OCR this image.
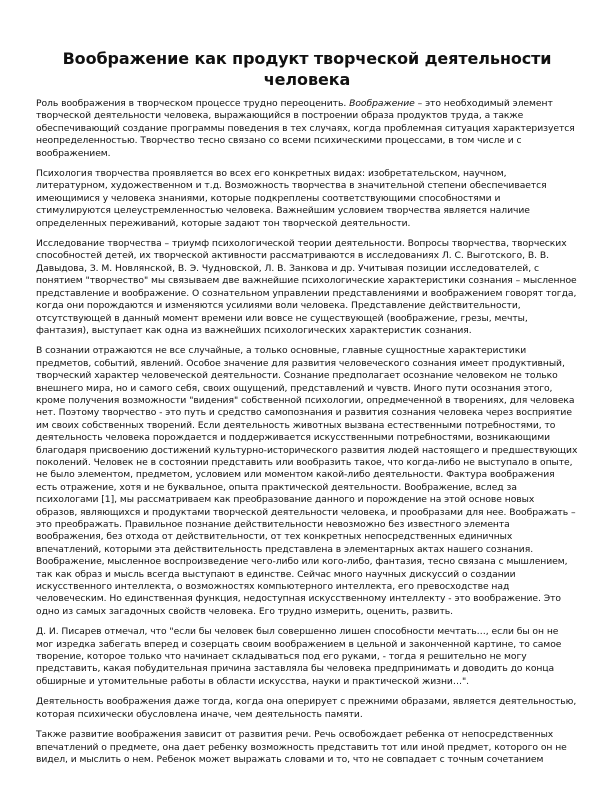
Воображение как продукт творческой деятельности человека

Роль воображения в творческом процессе трудно переоценить. Воображение – это необходимый элемент творческой деятельности человека, выражающийся в построении образа продуктов труда, а также обеспечивающий создание программы поведения в тех случаях, когда проблемная ситуация характеризуется неопределенностью. Творчество тесно связано со всеми психическими процессами, в том числе и с воображением.

Психология творчества проявляется во всех его конкретных видах: изобретательском, научном, литературном, художественном и т.д. Возможность творчества в значительной степени обеспечивается имеющимися у человека знаниями, которые подкреплены соответствующими способностями и стимулируются целеустремленностью человека. Важнейшим условием творчества является наличие определенных переживаний, которые задают тон творческой деятельности.

Исследование творчества – триумф психологической теории деятельности. Вопросы творчества, творческих способностей детей, их творческой активности рассматриваются в исследованиях Л. С. Выготского, В. В. Давыдова, З. М. Новлянской, В. Э. Чудновской, Л. В. Занкова и др. Учитывая позиции исследователей, с понятием "творчество" мы связываем две важнейшие психологические характеристики сознания – мысленное представление и воображение. О сознательном управлении представлениями и воображением говорят тогда, когда они порождаются и изменяются усилиями воли человека. Представление действительности, отсутствующей в данный момент времени или вовсе не существующей (воображение, грезы, мечты, фантазия), выступает как одна из важнейших психологических характеристик сознания.

В сознании отражаются не все случайные, а только основные, главные сущностные характеристики предметов, событий, явлений. Особое значение для развития человеческого сознания имеет продуктивный, творческий характер человеческой деятельности. Сознание предполагает осознание человеком не только внешнего мира, но и самого себя, своих ощущений, представлений и чувств. Иного пути осознания этого, кроме получения возможности "видения" собственной психологии, опредмеченной в творениях, для человека нет. Поэтому творчество - это путь и средство самопознания и развития сознания человека через восприятие им своих собственных творений. Если деятельность животных вызвана естественными потребностями, то деятельность человека порождается и поддерживается искусственными потребностями, возникающими благодаря присвоению достижений культурно-исторического развития людей настоящего и предшествующих поколений. Человек не в состоянии представить или вообразить такое, что когда-либо не выступало в опыте, не было элементом, предметом, условием или моментом какой-либо деятельности. Фактура воображения есть отражение, хотя и не буквальное, опыта практической деятельности. Воображение, вслед за психологами [1], мы рассматриваем как преобразование данного и порождение на этой основе новых образов, являющихся и продуктами творческой деятельности человека, и прообразами для нее. Воображать – это преображать. Правильное познание действительности невозможно без известного элемента воображения, без отхода от действительности, от тех конкретных непосредственных единичных впечатлений, которыми эта действительность представлена в элементарных актах нашего сознания. Воображение, мысленное воспроизведение чего-либо или кого-либо, фантазия, тесно связана с мышлением, так как образ и мысль всегда выступают в единстве. Сейчас много научных дискуссий о создании искусственного интеллекта, о возможностях компьютерного интеллекта, его превосходстве над человеческим. Но единственная функция, недоступная искусственному интеллекту - это воображение. Это одно из самых загадочных свойств человека. Его трудно измерить, оценить, развить.

Д. И. Писарев отмечал, что "если бы человек был совершенно лишен способности мечтать…, если бы он не мог изредка забегать вперед и созерцать своим воображением в цельной и законченной картине, то самое творение, которое только что начинает складываться под его руками, - тогда я решительно не могу представить, какая побудительная причина заставляла бы человека предпринимать и доводить до конца обширные и утомительные работы в области искусства, науки и практической жизни…".

Деятельность воображения даже тогда, когда она оперирует с прежними образами, является деятельностью, которая психически обусловлена иначе, чем деятельность памяти.

Также развитие воображения зависит от развития речи. Речь освобождает ребенка от непосредственных впечатлений о предмете, она дает ребенку возможность представить тот или иной предмет, которого он не видел, и мыслить о нем. Ребенок может выражать словами и то, что не совпадает с точным сочетанием
